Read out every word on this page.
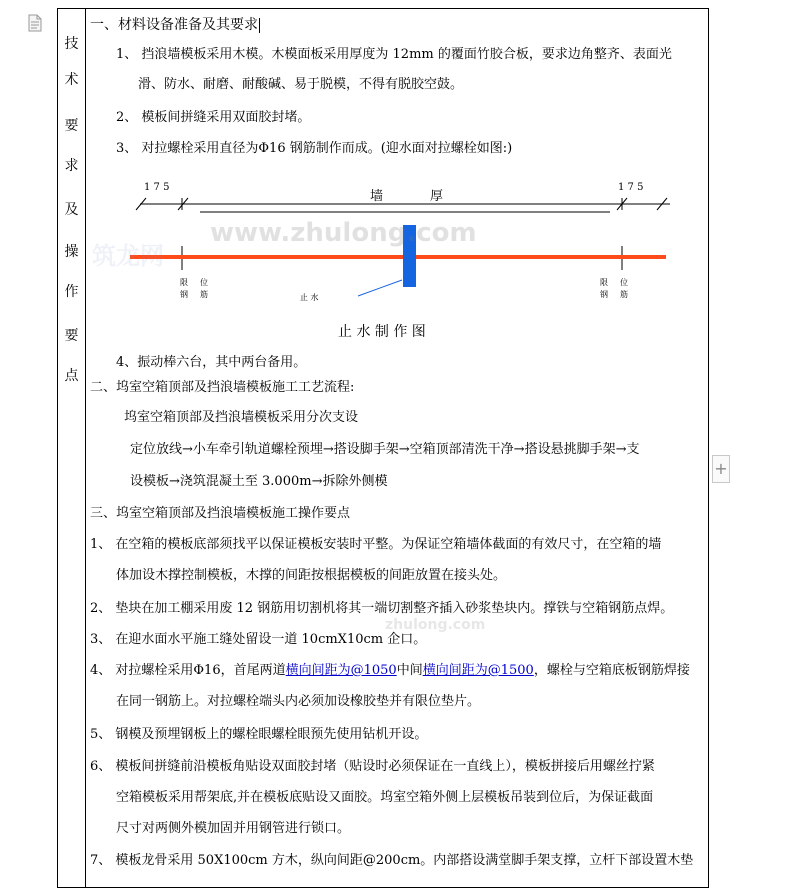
+
技
术
要
求
及
操
作
要
点
一、材料设备准备及其要求
1、 挡浪墙模板采用木模。木模面板采用厚度为 12mm 的覆面竹胶合板，要求边角整齐、表面光
滑、防水、耐磨、耐酸碱、易于脱模，不得有脱胶空鼓。
2、 模板间拼缝采用双面胶封堵。
3、 对拉螺栓采用直径为Φ16 钢筋制作而成。(迎水面对拉螺栓如图:)
4、振动棒六台，其中两台备用。
二、坞室空箱顶部及挡浪墙模板施工工艺流程:
坞室空箱顶部及挡浪墙模板采用分次支设
定位放线→小车牵引轨道螺栓预埋→搭设脚手架→空箱顶部清洗干净→搭设悬挑脚手架→支
设模板→浇筑混凝土至 3.000m→拆除外侧模
三、坞室空箱顶部及挡浪墙模板施工操作要点
1、 在空箱的模板底部须找平以保证模板安装时平整。为保证空箱墙体截面的有效尺寸，在空箱的墙
体加设木撑控制模板，木撑的间距按根据模板的间距放置在接头处。
2、 垫块在加工棚采用废 12 钢筋用切割机将其一端切割整齐插入砂浆垫块内。撑铁与空箱钢筋点焊。
3、 在迎水面水平施工缝处留设一道 10cmX10cm 企口。
4、 对拉螺栓采用Φ16，首尾两道横向间距为@1050中间横向间距为@1500，螺栓与空箱底板钢筋焊接
在同一钢筋上。对拉螺栓端头内必须加设橡胶垫并有限位垫片。
5、 钢模及预埋钢板上的螺栓眼螺栓眼预先使用钻机开设。
6、 模板间拼缝前沿模板角贴设双面胶封堵（贴设时必须保证在一直线上），模板拼接后用螺丝拧紧
空箱模板采用帮架底,并在模板底贴设又面胶。坞室空箱外侧上层模板吊装到位后，为保证截面
尺寸对两侧外模加固并用钢管进行锁口。
7、 模板龙骨采用 50X100cm 方木，纵向间距@200cm。内部搭设满堂脚手架支撑，立杆下部设置木垫
1 7 5	1 7 5
墙	厚
限
钢
位
筋
限
钢
位
筋
止 水
止 水 制 作 图
www.zhulong.com
筑龙网
zhulong.com
